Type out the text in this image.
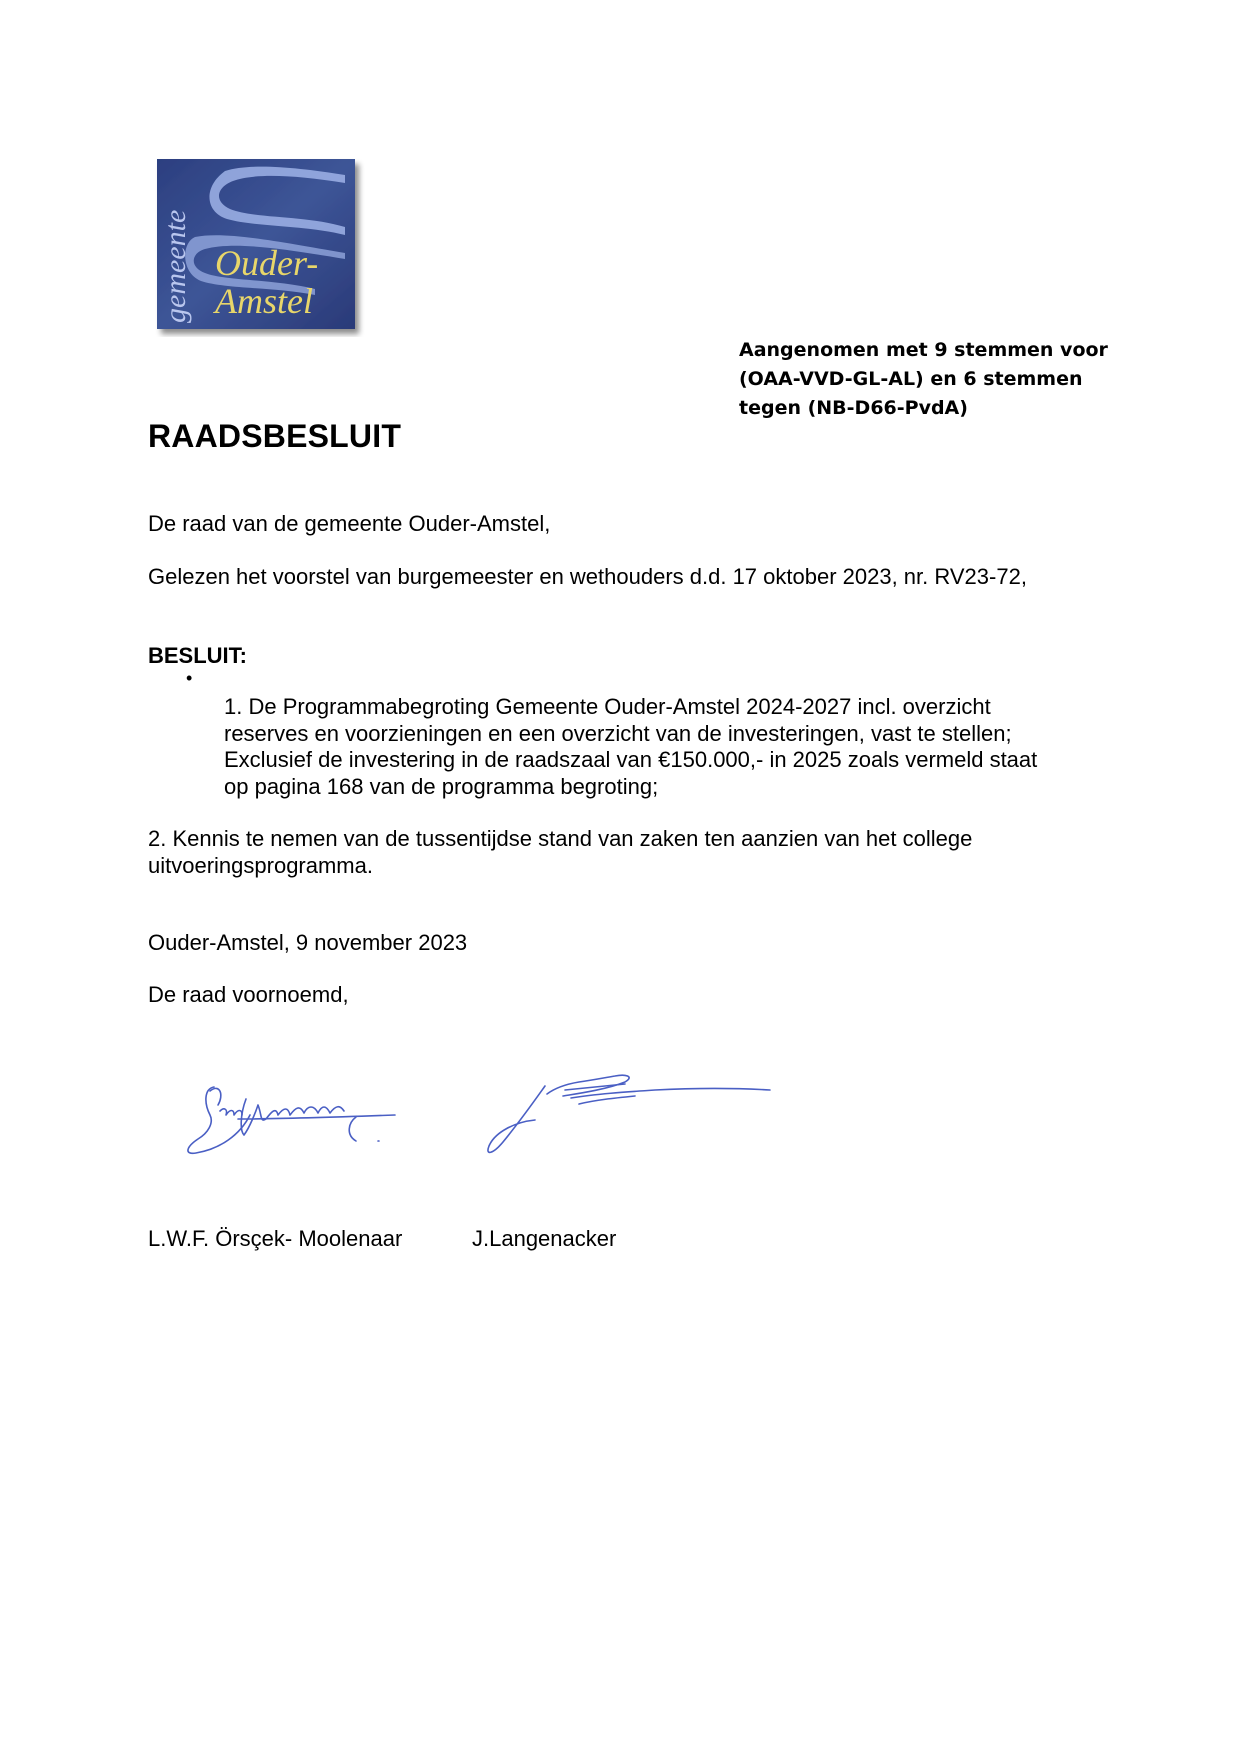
gemeente Ouder-
Amstel
Aangenomen met 9 stemmen voor
(OAA-VVD-GL-AL) en 6 stemmen
tegen (NB-D66-PvdA)
RAADSBESLUIT

De raad van de gemeente Ouder-Amstel,

Gelezen het voorstel van burgemeester en wethouders d.d. 17 oktober 2023, nr. RV23-72,

BESLUIT:

•
1. De Programmabegroting Gemeente Ouder-Amstel 2024-2027 incl. overzicht
reserves en voorzieningen en een overzicht van de investeringen, vast te stellen;
Exclusief de investering in de raadszaal van €150.000,- in 2025 zoals vermeld staat
op pagina 168 van de programma begroting;
2. Kennis te nemen van de tussentijdse stand van zaken ten aanzien van het college
uitvoeringsprogramma.

Ouder-Amstel, 9 november 2023

De raad voornoemd,

L.W.F. Örsçek- Moolenaar	J.Langenacker
